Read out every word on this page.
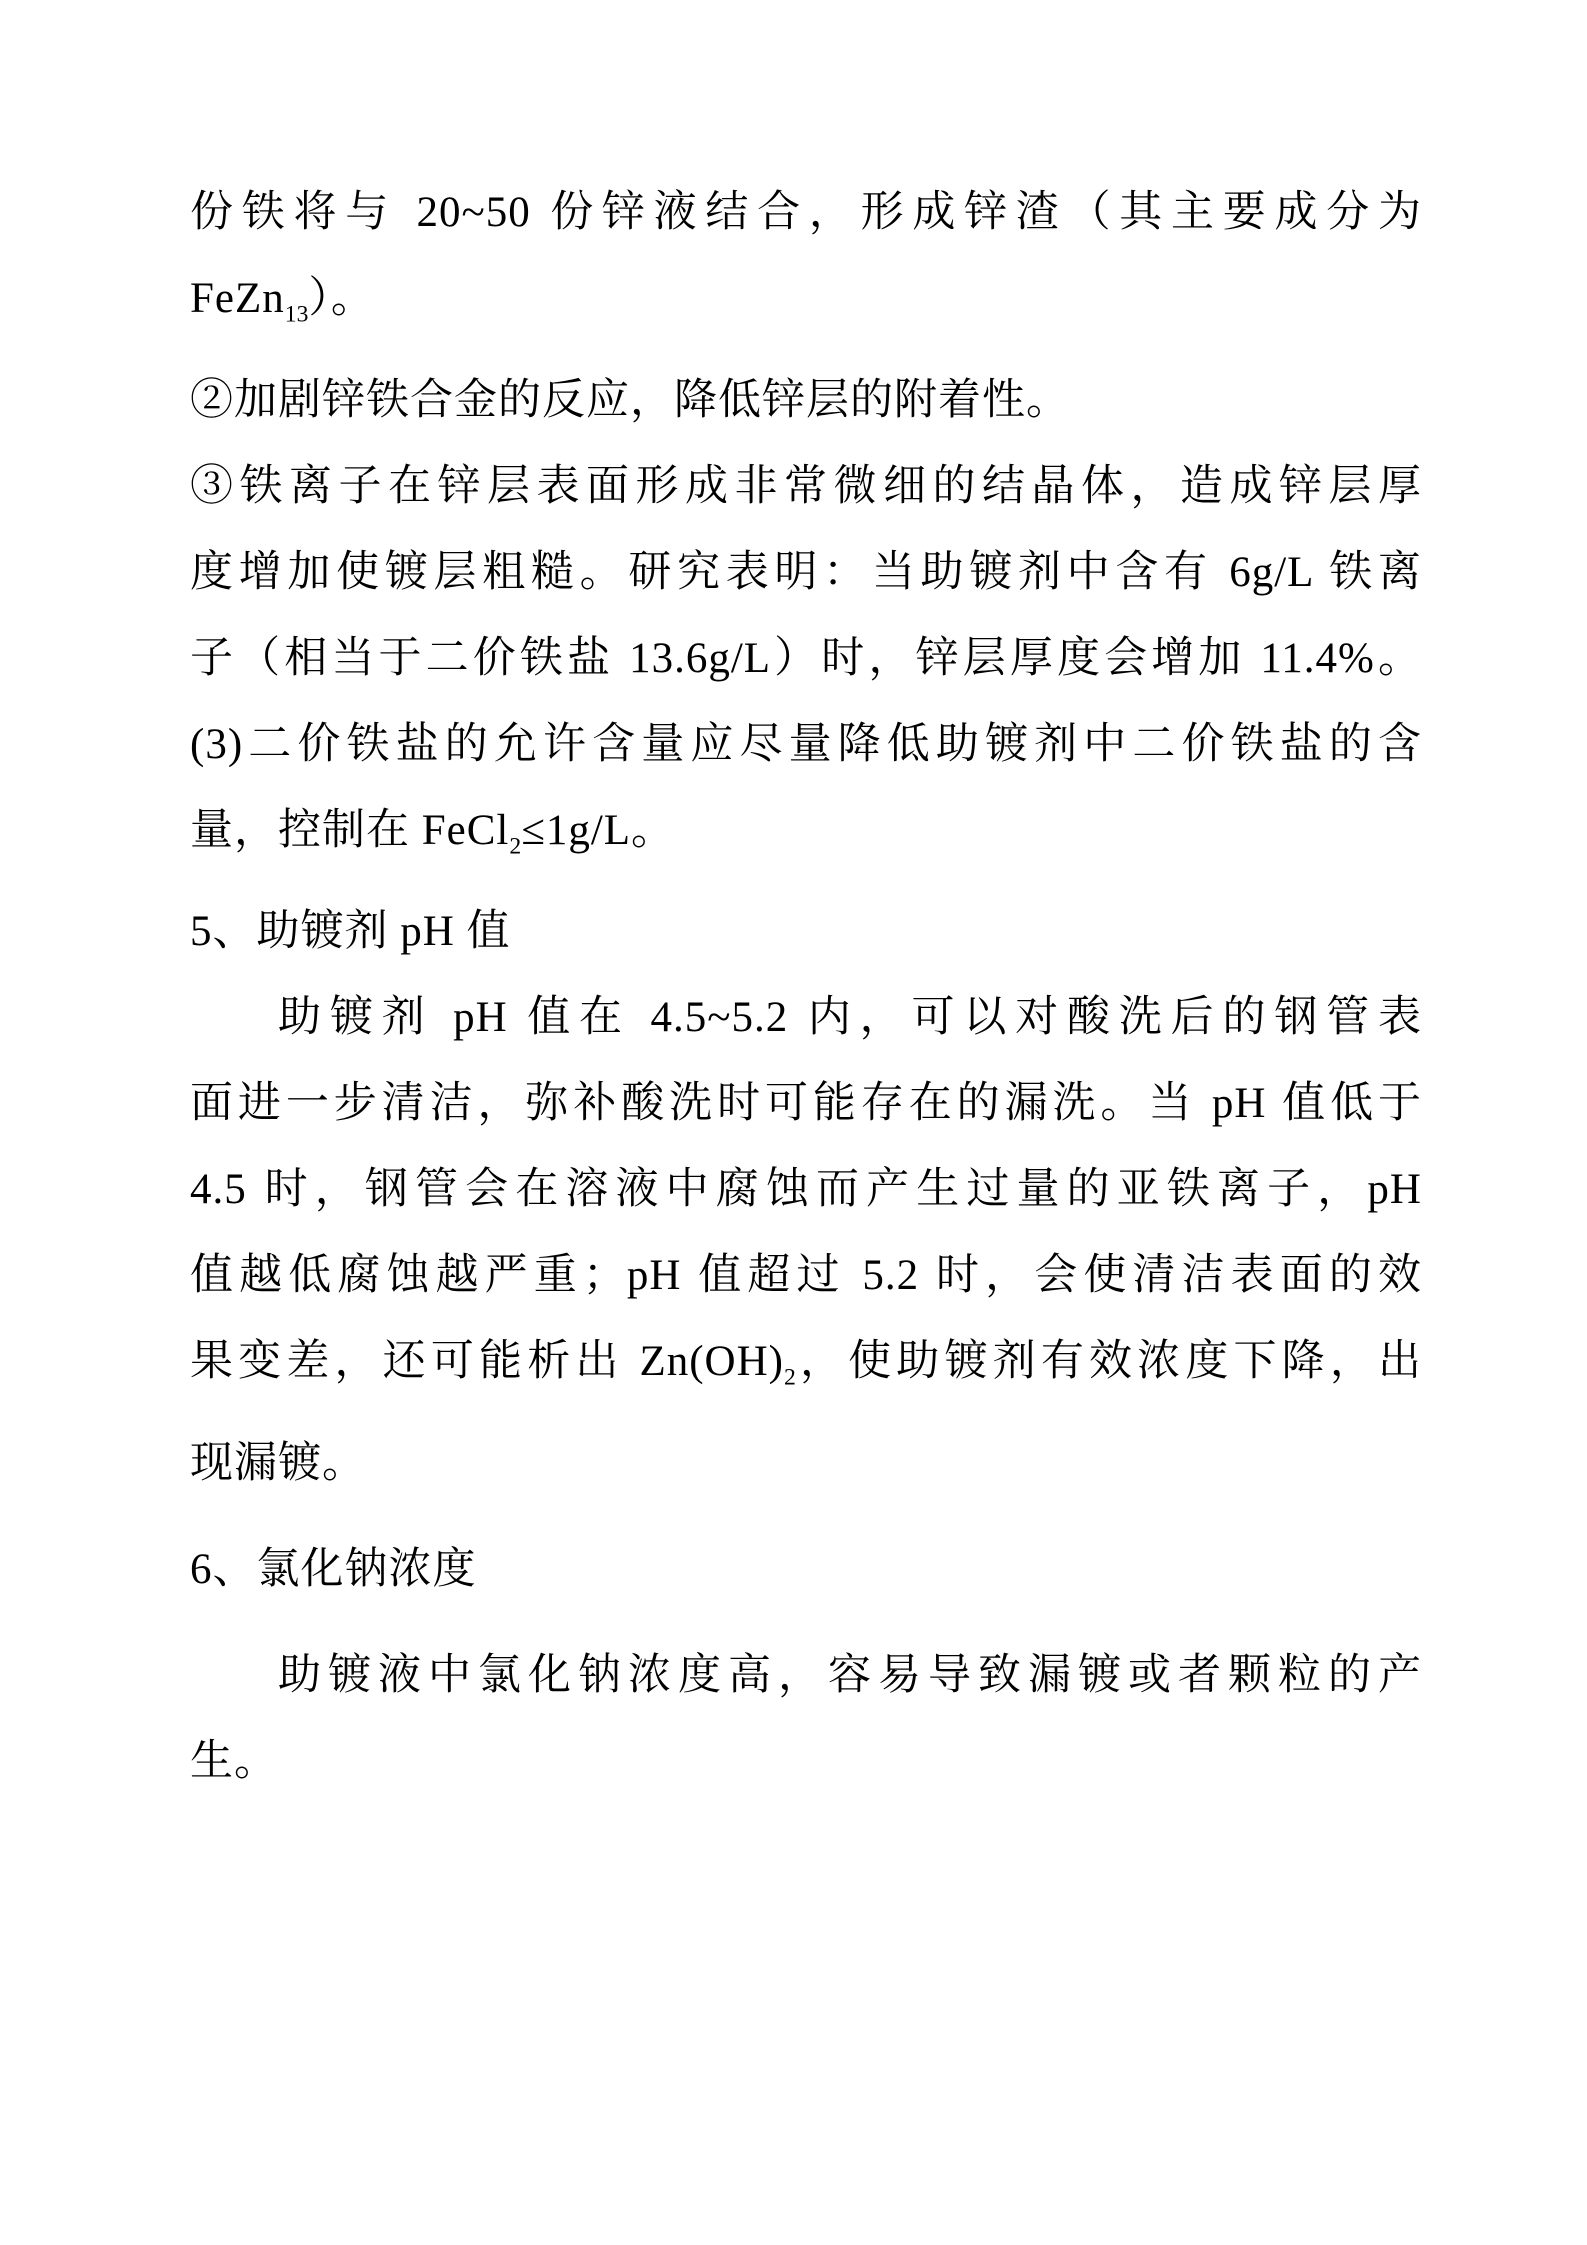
份铁将与 20~50 份锌液结合，形成锌渣（其主要成分为
FeZn$_{13}$）。
②加剧锌铁合金的反应，降低锌层的附着性。
③铁离子在锌层表面形成非常微细的结晶体，造成锌层厚
度增加使镀层粗糙。研究表明：当助镀剂中含有 6g/L 铁离
子（相当于二价铁盐 13.6g/L）时，锌层厚度会增加 11.4%。
(3)二价铁盐的允许含量应尽量降低助镀剂中二价铁盐的含
量，控制在 FeCl$_2$≤1g/L。
5、助镀剂 pH 值
助镀剂 pH 值在 4.5~5.2 内，可以对酸洗后的钢管表
面进一步清洁，弥补酸洗时可能存在的漏洗。当 pH 值低于
4.5 时，钢管会在溶液中腐蚀而产生过量的亚铁离子，pH
值越低腐蚀越严重；pH 值超过 5.2 时，会使清洁表面的效
果变差，还可能析出 $Zn(OH)_2$，使助镀剂有效浓度下降，出
现漏镀。
6、氯化钠浓度
助镀液中氯化钠浓度高，容易导致漏镀或者颗粒的产
生。
